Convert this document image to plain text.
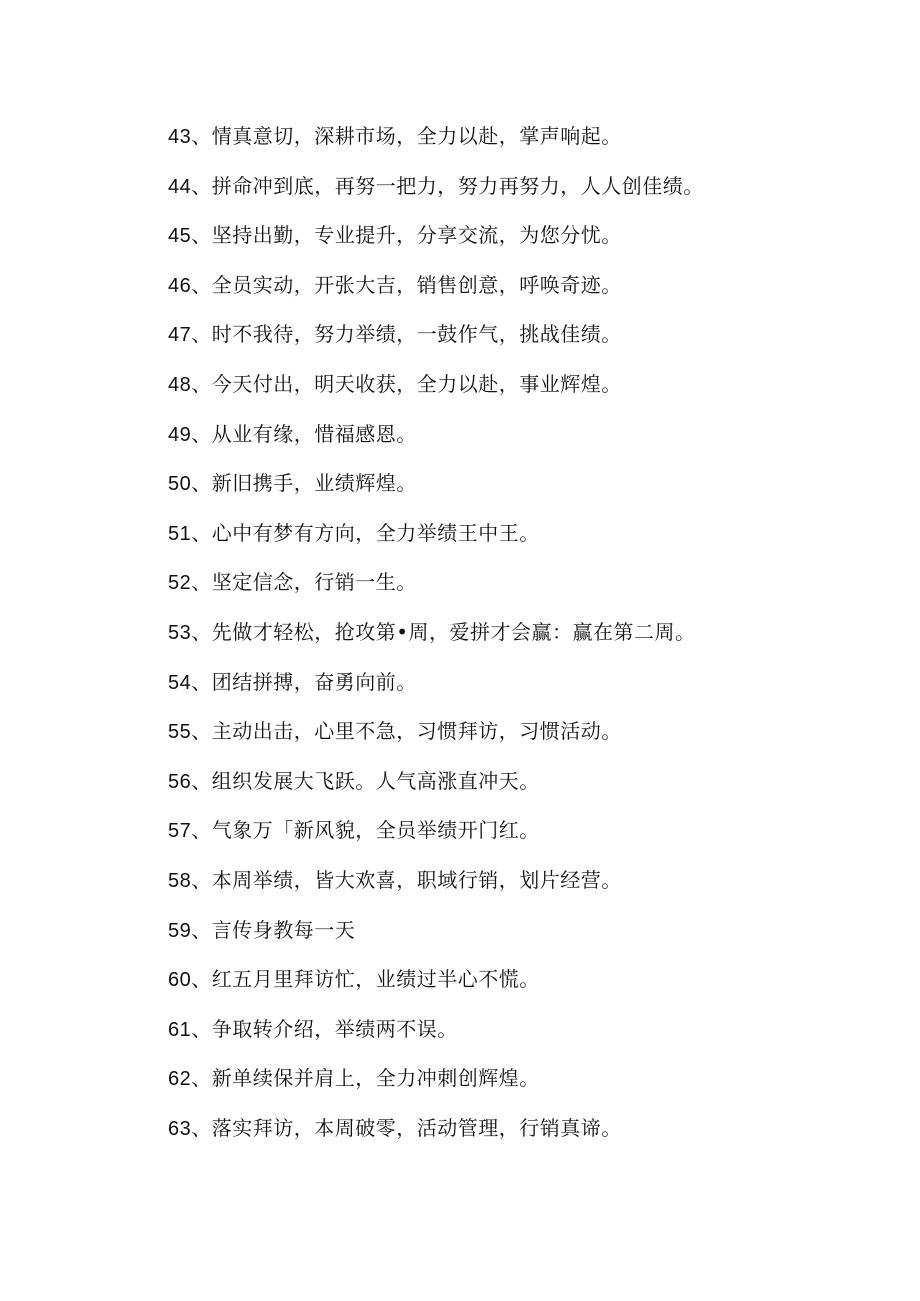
43、情真意切，深耕市场，全力以赴，掌声响起。
44、拼命冲到底，再努一把力，努力再努力，人人创佳绩。
45、坚持出勤，专业提升，分享交流，为您分忧。
46、全员实动，开张大吉，销售创意，呼唤奇迹。
47、时不我待，努力举绩，一鼓作气，挑战佳绩。
48、今天付出，明天收获，全力以赴，事业辉煌。
49、从业有缘，惜福感恩。
50、新旧携手，业绩辉煌。
51、心中有梦有方向，全力举绩王中王。
52、坚定信念，行销一生。
53、先做才轻松，抢攻第•周，爱拼才会赢：赢在第二周。
54、团结拼搏，奋勇向前。
55、主动出击，心里不急，习惯拜访，习惯活动。
56、组织发展大飞跃。人气高涨直冲天。
57、气象万「新风貌，全员举绩开门红。
58、本周举绩，皆大欢喜，职域行销，划片经营。
59、言传身教每一天
60、红五月里拜访忙，业绩过半心不慌。
61、争取转介绍，举绩两不误。
62、新单续保并肩上，全力冲刺创辉煌。
63、落实拜访，本周破零，活动管理，行销真谛。
